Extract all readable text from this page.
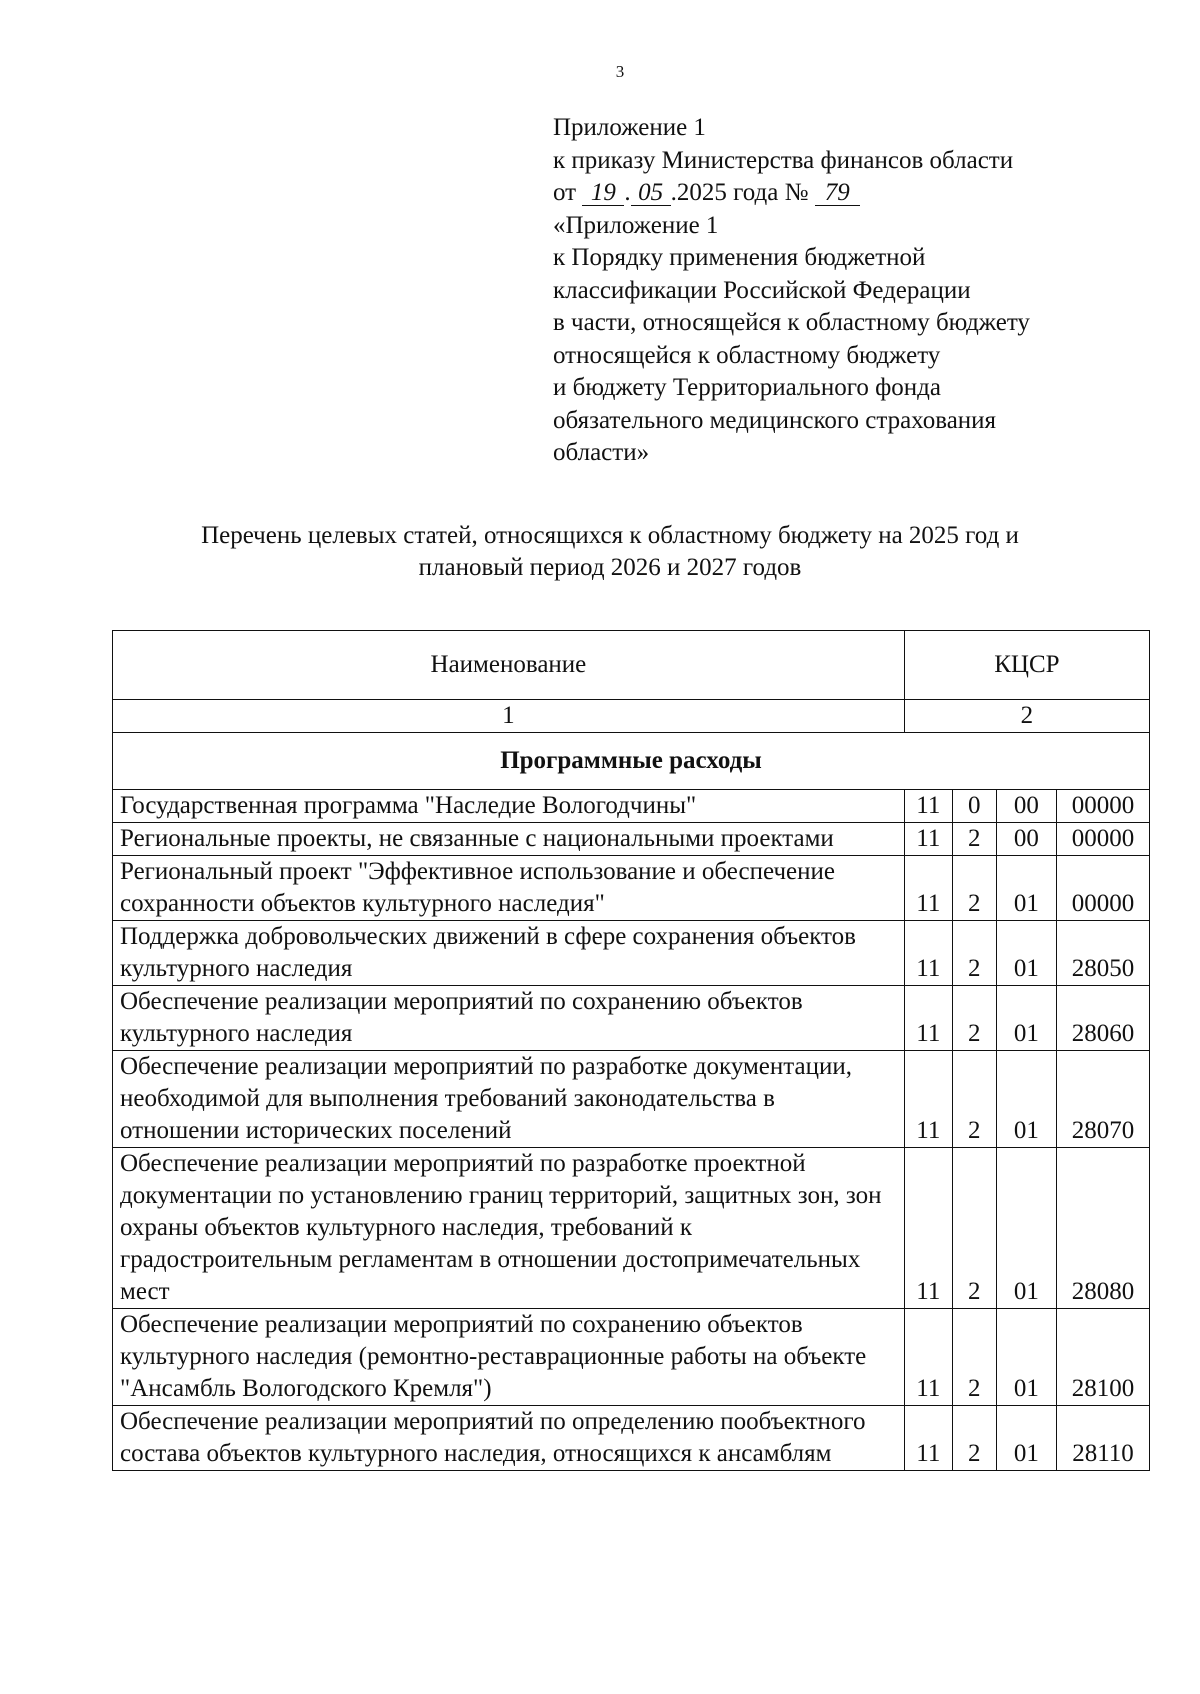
3
Приложение 1
к приказу Министерства финансов области
от 19 . 05 .2025 года № 79
«Приложение 1
к Порядку применения бюджетной
классификации Российской Федерации
в части, относящейся к областному бюджету
относящейся к областному бюджету
и бюджету Территориального фонда
обязательного медицинского страхования
области»
Перечень целевых статей, относящихся к областному бюджету на 2025 год и
плановый период 2026 и 2027 годов
Наименование	КЦСР			
1	2			
Программные расходы				
Государственная программа "Наследие Вологодчины"	11	0	00	00000
Региональные проекты, не связанные с национальными проектами	11	2	00	00000
Региональный проект "Эффективное использование и обеспечение сохранности объектов культурного наследия"	11	2	01	00000
Поддержка добровольческих движений в сфере сохранения объектов культурного наследия	11	2	01	28050
Обеспечение реализации мероприятий по сохранению объектов культурного наследия	11	2	01	28060
Обеспечение реализации мероприятий по разработке документации, необходимой для выполнения требований законодательства в отношении исторических поселений	11	2	01	28070
Обеспечение реализации мероприятий по разработке проектной документации по установлению границ территорий, защитных зон, зон охраны объектов культурного наследия, требований к градостроительным регламентам в отношении достопримечательных мест	11	2	01	28080
Обеспечение реализации мероприятий по сохранению объектов культурного наследия (ремонтно-реставрационные работы на объекте "Ансамбль Вологодского Кремля")	11	2	01	28100
Обеспечение реализации мероприятий по определению пообъектного состава объектов культурного наследия, относящихся к ансамблям	11	2	01	28110
